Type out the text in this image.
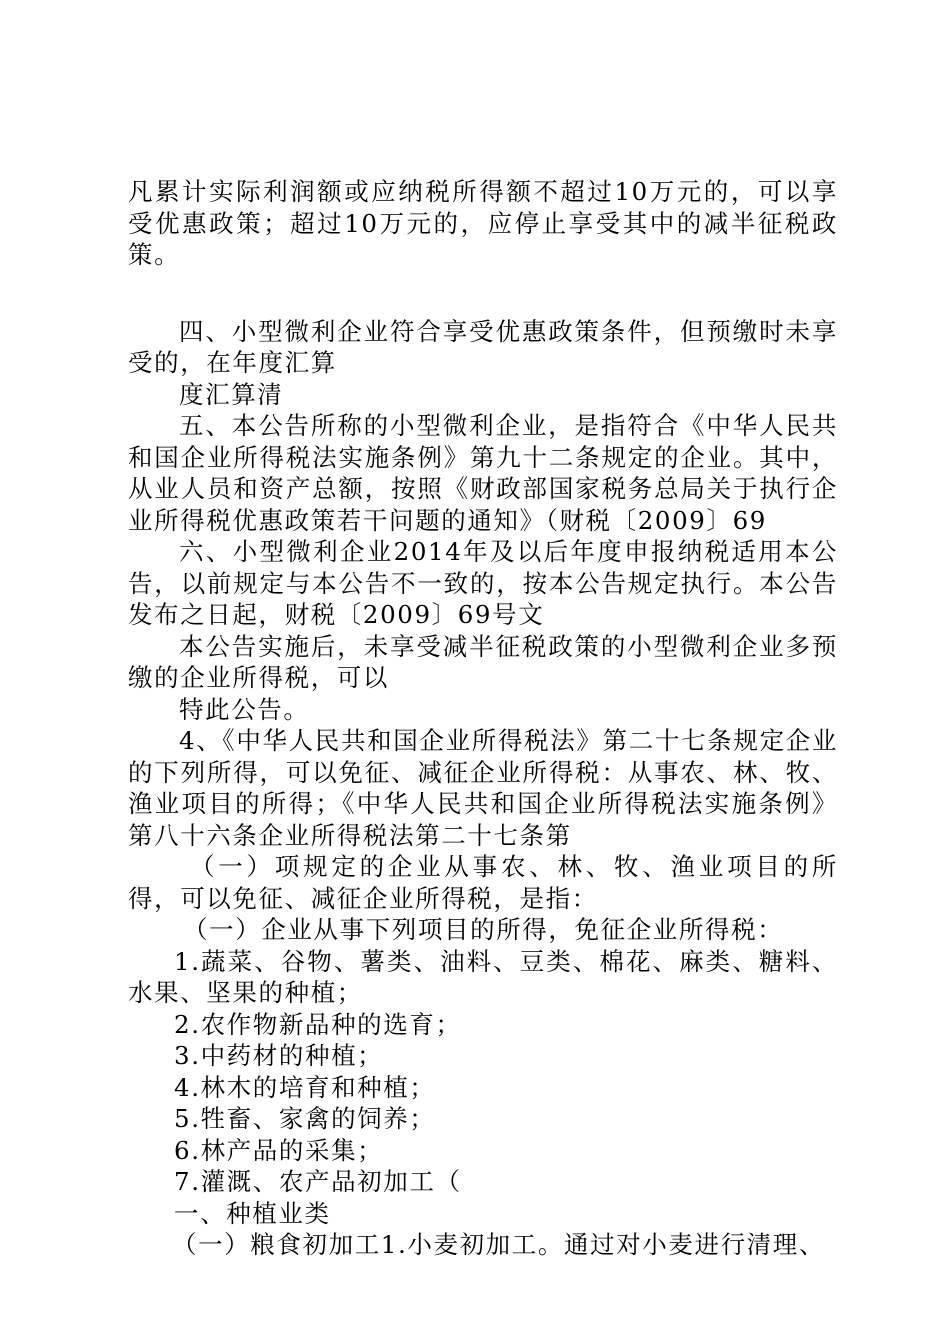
凡累计实际利润额或应纳税所得额不超过10万元的，可以享受优惠政策；超过10万元的，应停止享受其中的减半征税政策。

四、小型微利企业符合享受优惠政策条件，但预缴时未享受的，在年度汇算

度汇算清

五、本公告所称的小型微利企业，是指符合《中华人民共和国企业所得税法实施条例》第九十二条规定的企业。其中，从业人员和资产总额，按照《财政部国家税务总局关于执行企业所得税优惠政策若干问题的通知》（财税〔2009〕69

六、小型微利企业2014年及以后年度申报纳税适用本公告，以前规定与本公告不一致的，按本公告规定执行。本公告发布之日起，财税〔2009〕69号文

本公告实施后，未享受减半征税政策的小型微利企业多预缴的企业所得税，可以

特此公告。

4、《中华人民共和国企业所得税法》第二十七条规定企业的下列所得，可以免征、减征企业所得税：从事农、林、牧、渔业项目的所得；《中华人民共和国企业所得税法实施条例》第八十六条企业所得税法第二十七条第

（一）项规定的企业从事农、林、牧、渔业项目的所得，可以免征、减征企业所得税，是指：

（一）企业从事下列项目的所得，免征企业所得税：

1.蔬菜、谷物、薯类、油料、豆类、棉花、麻类、糖料、水果、坚果的种植；

2.农作物新品种的选育；

3.中药材的种植；

4.林木的培育和种植；

5.牲畜、家禽的饲养；

6.林产品的采集；

7.灌溉、农产品初加工（

一、种植业类

（一）粮食初加工1.小麦初加工。通过对小麦进行清理、
